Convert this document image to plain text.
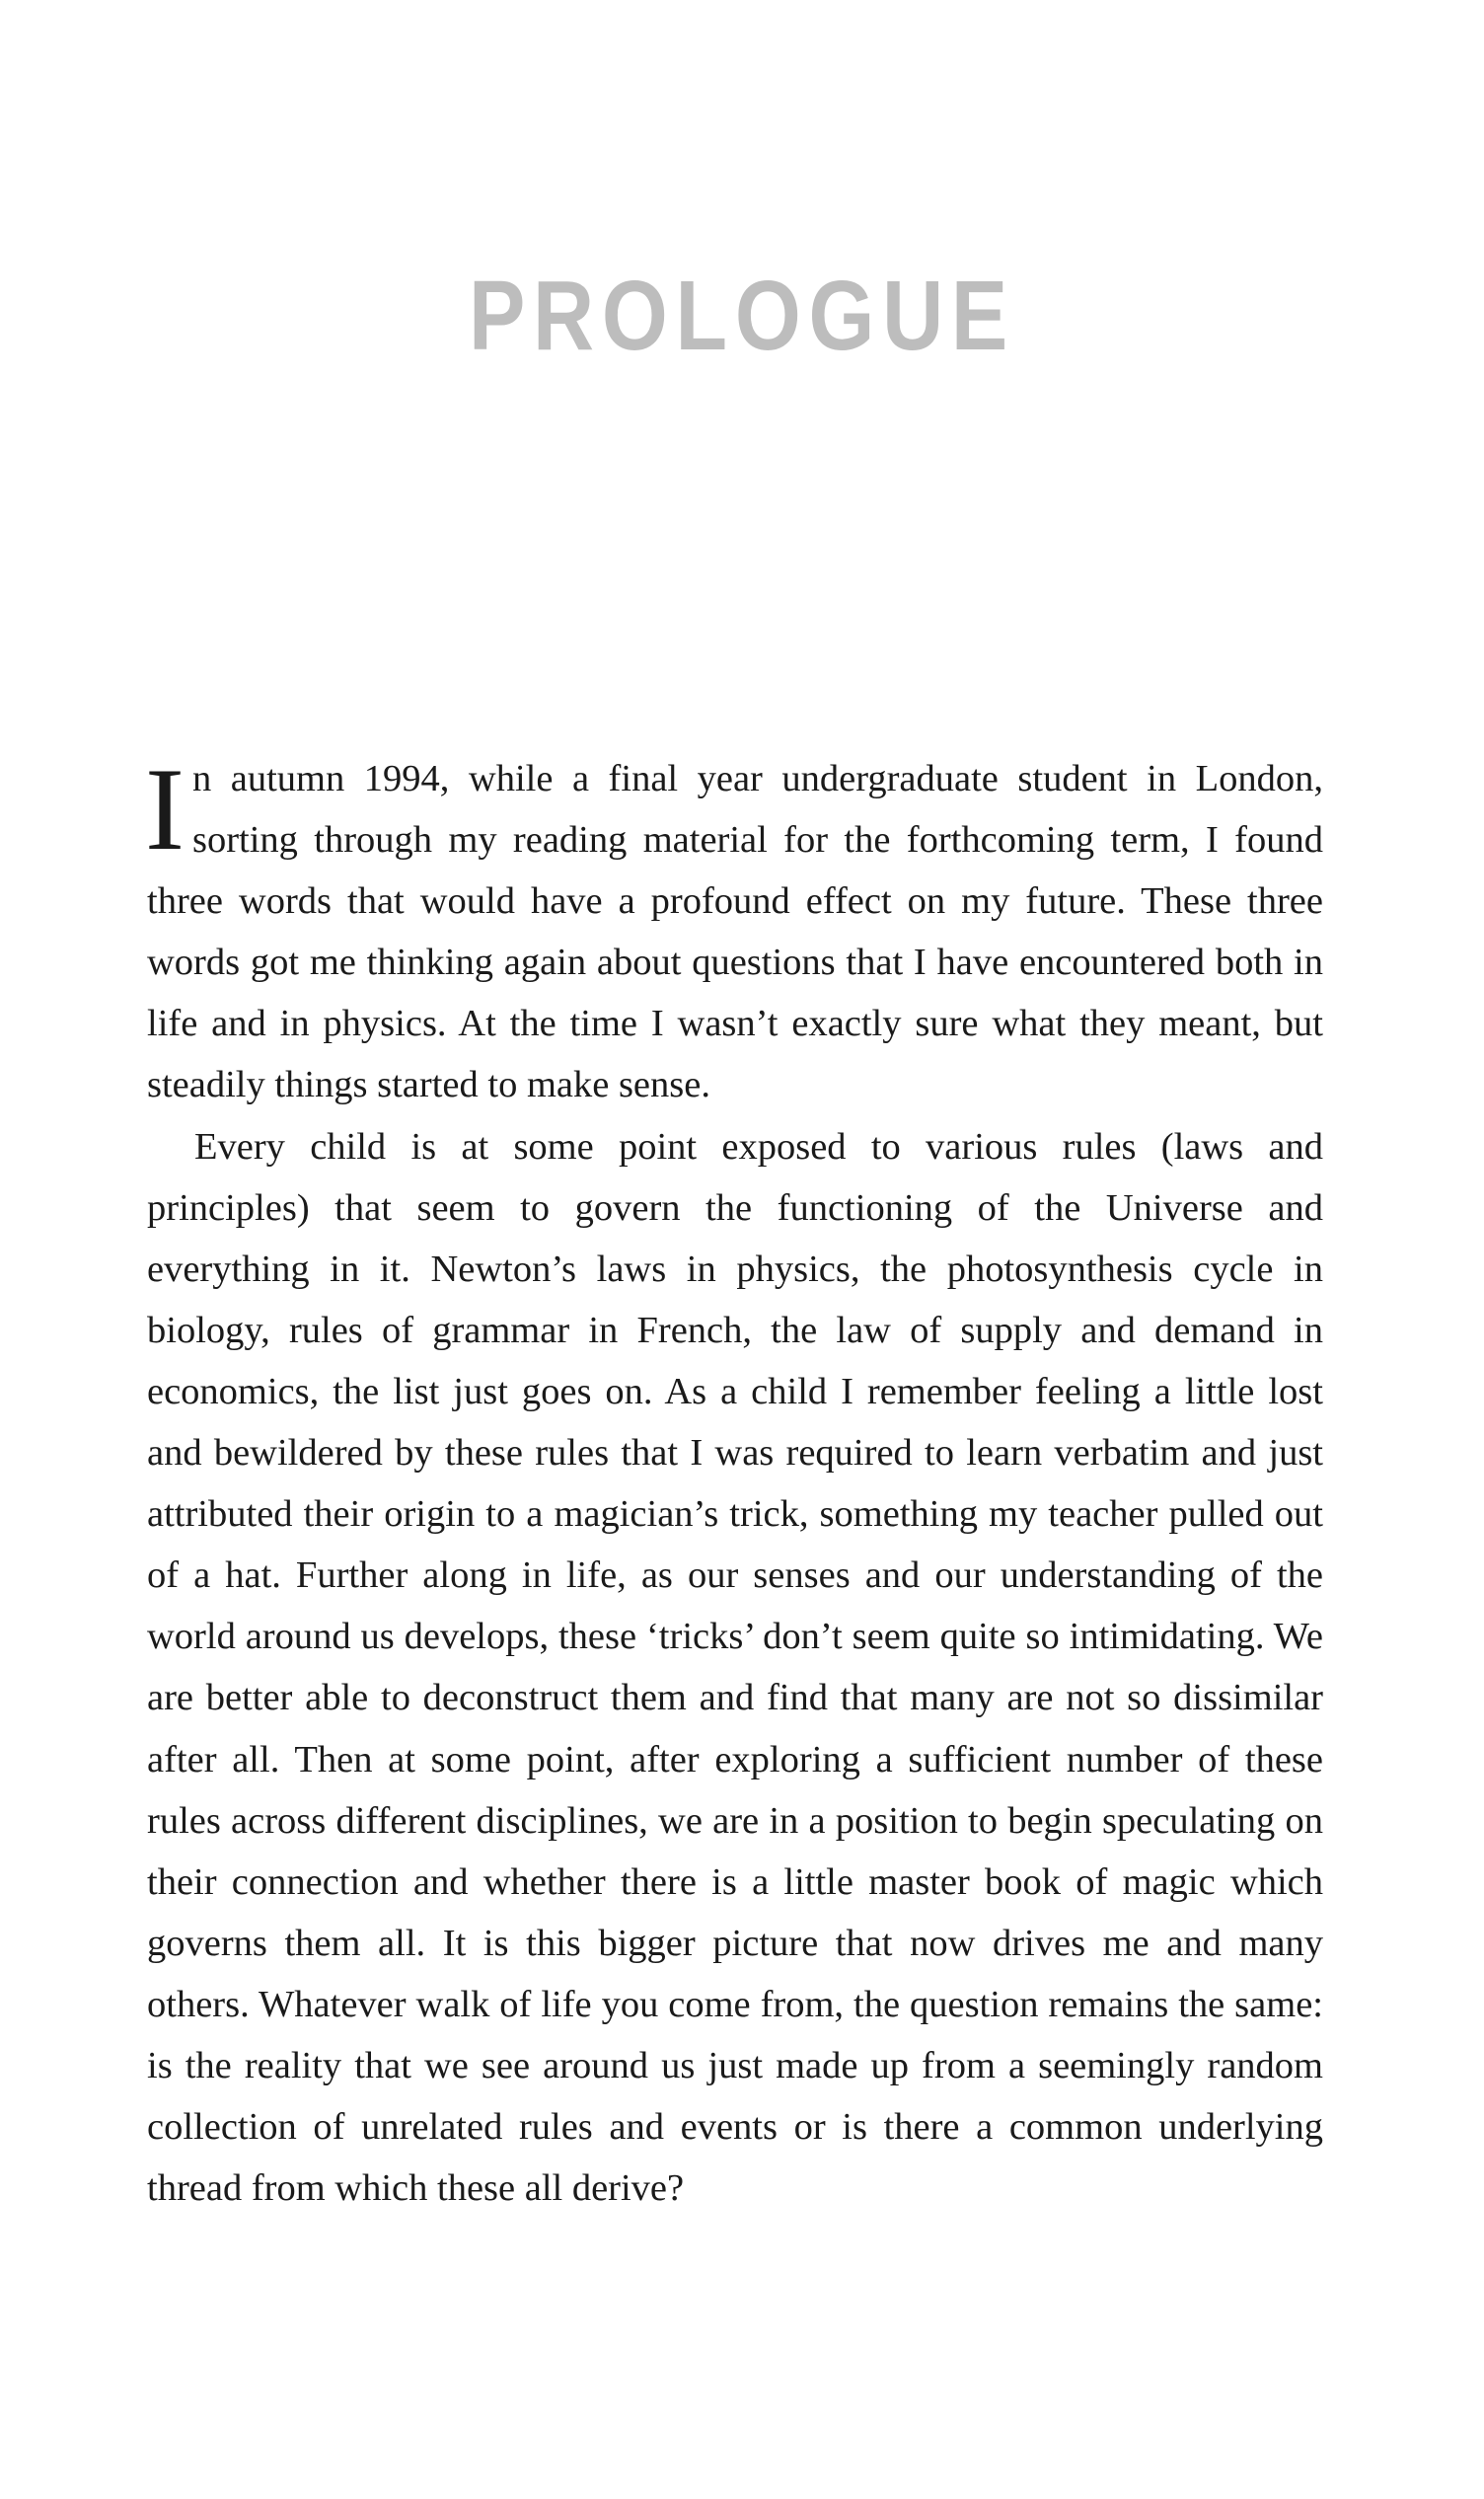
PROLOGUE

In autumn 1994, while a final year undergraduate student in London, sorting through my reading material for the forthcoming term, I found three words that would have a profound effect on my future. These three words got me thinking again about questions that I have encountered both in life and in physics. At the time I wasn’t exactly sure what they meant, but steadily things started to make sense.

Every child is at some point exposed to various rules (laws and principles) that seem to govern the functioning of the Universe and everything in it. Newton’s laws in physics, the photosynthesis cycle in biology, rules of grammar in French, the law of supply and demand in economics, the list just goes on. As a child I remember feeling a little lost and bewildered by these rules that I was required to learn verbatim and just attributed their origin to a magician’s trick, something my teacher pulled out of a hat. Further along in life, as our senses and our understanding of the world around us develops, these ‘tricks’ don’t seem quite so intimidating. We are better able to deconstruct them and find that many are not so dissimilar after all. Then at some point, after exploring a sufficient number of these rules across different disciplines, we are in a position to begin speculating on their connection and whether there is a little master book of magic which governs them all. It is this bigger picture that now drives me and many others. Whatever walk of life you come from, the question remains the same: is the reality that we see around us just made up from a seemingly random collection of unrelated rules and events or is there a common underlying thread from which these all derive?
